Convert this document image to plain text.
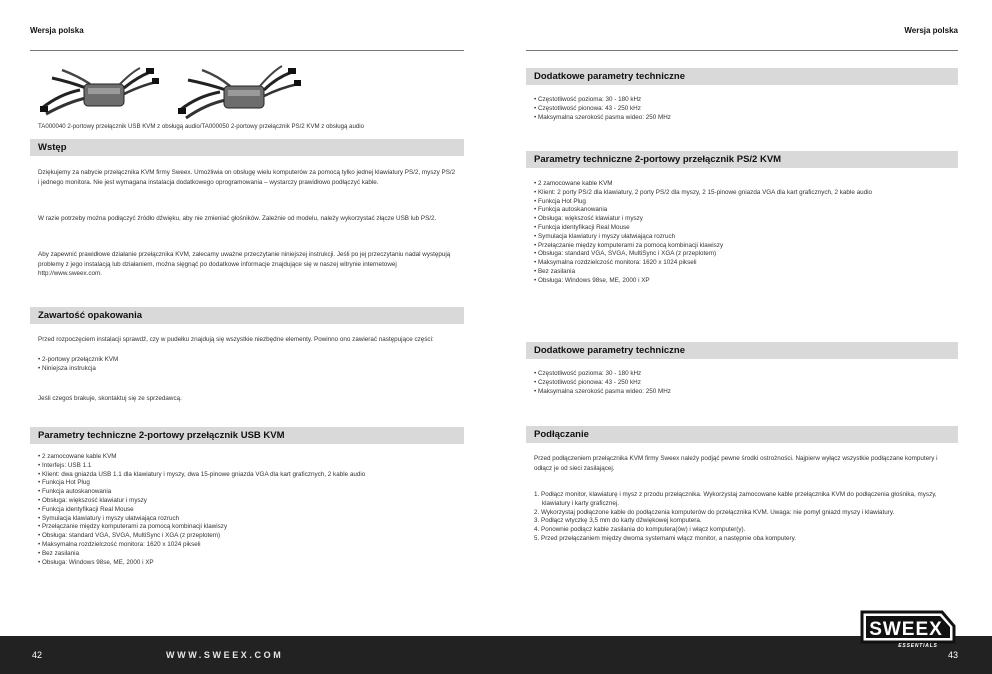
Wersja polska
TA000040 2-portowy przełącznik USB KVM z obsługą audio/TA000050 2-portowy przełącznik PS/2 KVM z obsługą audio
Wstęp
Dziękujemy za nabycie przełącznika KVM firmy Sweex. Umożliwia on obsługę wielu komputerów za pomocą tylko jednej klawiatury PS/2, myszy PS/2 i jednego monitora. Nie jest wymagana instalacja dodatkowego oprogramowania – wystarczy prawidłowo podłączyć kable.
W razie potrzeby można podłączyć źródło dźwięku, aby nie zmieniać głośników. Zależnie od modelu, należy wykorzystać złącze USB lub PS/2.
Aby zapewnić prawidłowe działanie przełącznika KVM, zalecamy uważne przeczytanie niniejszej instrukcji. Jeśli po jej przeczytaniu nadal występują problemy z jego instalacją lub działaniem, można sięgnąć po dodatkowe informacje znajdujące się w naszej witrynie internetowej http://www.sweex.com.
Zawartość opakowania
Przed rozpoczęciem instalacji sprawdź, czy w pudełku znajdują się wszystkie niezbędne elementy. Powinno ono zawierać następujące części:
• 2-portowy przełącznik KVM
• Niniejsza instrukcja
Jeśli czegoś brakuje, skontaktuj się ze sprzedawcą.
Parametry techniczne 2-portowy przełącznik USB KVM
• 2 zamocowane kable KVM
• Interfejs: USB 1.1
• Klient: dwa gniazda USB 1.1 dla klawiatury i myszy, dwa 15-pinowe gniazda VGA dla kart graficznych, 2 kable audio
• Funkcja Hot Plug
• Funkcja autoskanowania
• Obsługa: większość klawiatur i myszy
• Funkcja identyfikacji Real Mouse
• Symulacja klawiatury i myszy ułatwiająca rozruch
• Przełączanie między komputerami za pomocą kombinacji klawiszy
• Obsługa: standard VGA, SVGA, MultiSync i XGA (z przeplotem)
• Maksymalna rozdzielczość monitora: 1620 x 1024 pikseli
• Bez zasilania
• Obsługa: Windows 98se, ME, 2000 i XP
Wersja polska
Dodatkowe parametry techniczne
• Częstotliwość pozioma: 30 - 180 kHz
• Częstotliwość pionowa: 43 - 250 kHz
• Maksymalna szerokość pasma wideo: 250 MHz
Parametry techniczne 2-portowy przełącznik PS/2 KVM
• 2 zamocowane kable KVM
• Klient: 2 porty PS/2 dla klawiatury, 2 porty PS/2 dla myszy, 2 15-pinowe gniazda VGA dla kart graficznych, 2 kable audio
• Funkcja Hot Plug
• Funkcja autoskanowania
• Obsługa: większość klawiatur i myszy
• Funkcja identyfikacji Real Mouse
• Symulacja klawiatury i myszy ułatwiająca rozruch
• Przełączanie między komputerami za pomocą kombinacji klawiszy
• Obsługa: standard VGA, SVGA, MultiSync i XGA (z przeplotem)
• Maksymalna rozdzielczość monitora: 1620 x 1024 pikseli
• Bez zasilania
• Obsługa: Windows 98se, ME, 2000 i XP
Dodatkowe parametry techniczne
• Częstotliwość pozioma: 30 - 180 kHz
• Częstotliwość pionowa: 43 - 250 kHz
• Maksymalna szerokość pasma wideo: 250 MHz
Podłączanie
Przed podłączeniem przełącznika KVM firmy Sweex należy podjąć pewne środki ostrożności. Najpierw wyłącz wszystkie podłączane komputery i odłącz je od sieci zasilającej.
1. Podłącz monitor, klawiaturę i mysz z przodu przełącznika. Wykorzystaj zamocowane kable przełącznika KVM do podłączenia głośnika, myszy, klawiatury i karty graficznej.
2. Wykorzystaj podłączone kable do podłączenia komputerów do przełącznika KVM. Uwaga: nie pomyl gniazd myszy i klawiatury.
3. Podłącz wtyczkę 3,5 mm do karty dźwiękowej komputera.
4. Ponownie podłącz kable zasilania do komputera(ów) i włącz komputer(y).
5. Przed przełączaniem między dwoma systemami włącz monitor, a następnie oba komputery.
42	WWW.SWEEX.COM	43
SWEEX
ESSENTIALS
